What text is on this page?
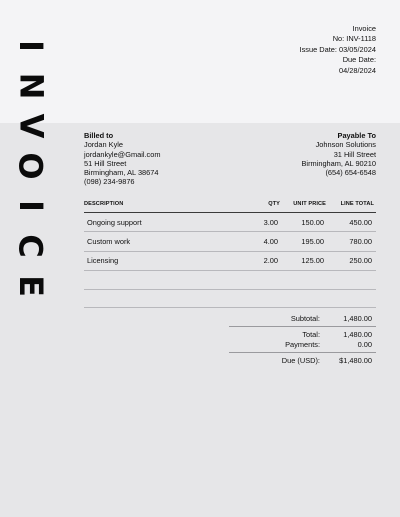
I
N
V
O
I
C
E
Invoice
No: INV-1118
Issue Date: 03/05/2024
Due Date:
04/28/2024
Billed to
Jordan Kyle
jordankyle@Gmail.com
51 Hill Street
Birmingham, AL 38674
(098) 234-9876
Payable To
Johnson Solutions
31 Hill Street
Birmingham, AL 90210
(654) 654-6548
DESCRIPTION	QTY	UNIT PRICE	LINE TOTAL
Ongoing support	3.00	150.00	450.00
Custom work	4.00	195.00	780.00
Licensing	2.00	125.00	250.00
Subtotal:	1,480.00
Total:	1,480.00
Payments:	0.00
Due (USD):	$1,480.00
